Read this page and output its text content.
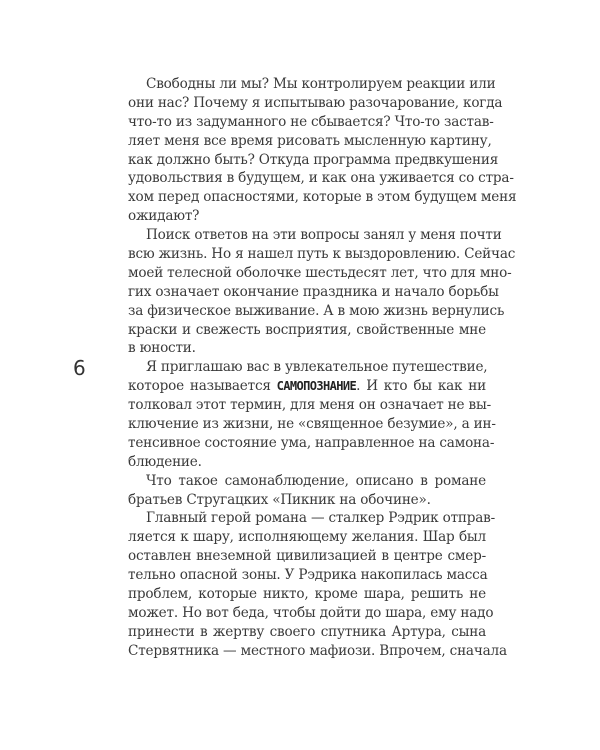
Свободны ли мы? Мы контролируем реакции или
они нас? Почему я испытываю разочарование, когда
что-то из задуманного не сбывается? Что-то застав-
ляет меня все время рисовать мысленную картину,
как должно быть? Откуда программа предвкушения
удовольствия в будущем, и как она уживается со стра-
хом перед опасностями, которые в этом будущем меня
ожидают?
Поиск ответов на эти вопросы занял у меня почти
всю жизнь. Но я нашел путь к выздоровлению. Сейчас
моей телесной оболочке шестьдесят лет, что для мно-
гих означает окончание праздника и начало борьбы
за физическое выживание. А в мою жизнь вернулись
краски и свежесть восприятия, свойственные мне
в юности.
Я приглашаю вас в увлекательное путешествие,
которое называется САМОПОЗНАНИЕ. И кто бы как ни
толковал этот термин, для меня он означает не вы-
ключение из жизни, не «священное безумие», а ин-
тенсивное состояние ума, направленное на самона-
блюдение.
Что такое самонаблюдение, описано в романе
братьев Стругацких «Пикник на обочине».
Главный герой романа — сталкер Рэдрик отправ-
ляется к шару, исполняющему желания. Шар был
оставлен внеземной цивилизацией в центре смер-
тельно опасной зоны. У Рэдрика накопилась масса
проблем, которые никто, кроме шара, решить не
может. Но вот беда, чтобы дойти до шара, ему надо
принести в жертву своего спутника Артура, сына
Стервятника — местного мафиози. Впрочем, сначала
6
